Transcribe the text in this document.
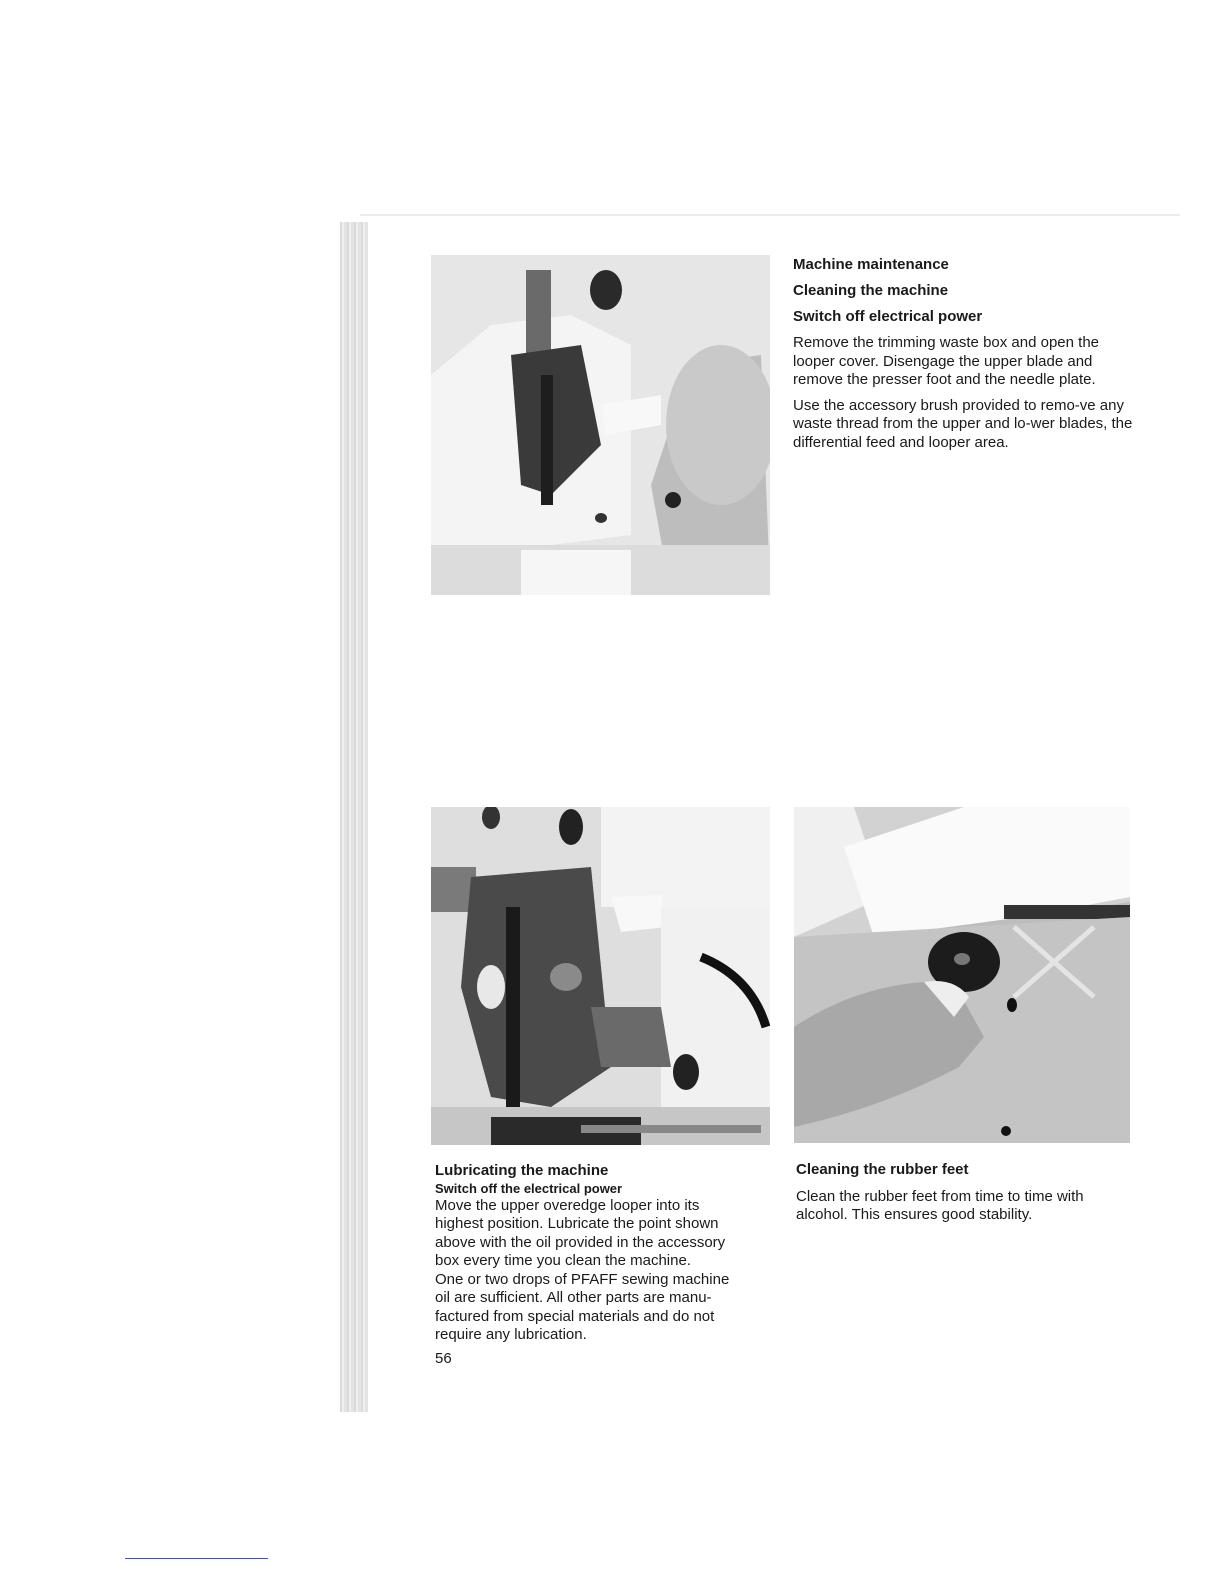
Machine maintenance

Cleaning the machine

Switch off electrical power

Remove the trimming waste box and open the looper cover. Disengage the upper blade and remove the presser foot and the needle plate.

Use the accessory brush provided to remo-ve any waste thread from the upper and lo-wer blades, the differential feed and looper area.

Lubricating the machine

Switch off the electrical power

Move the upper overedge looper into its
highest position. Lubricate the point shown
above with the oil provided in the accessory
box every time you clean the machine.
One or two drops of PFAFF sewing machine
oil are sufficient. All other parts are manu-
factured from special materials and do not
require any lubrication.

Cleaning the rubber feet

Clean the rubber feet from time to time with alcohol. This ensures good stability.

56
